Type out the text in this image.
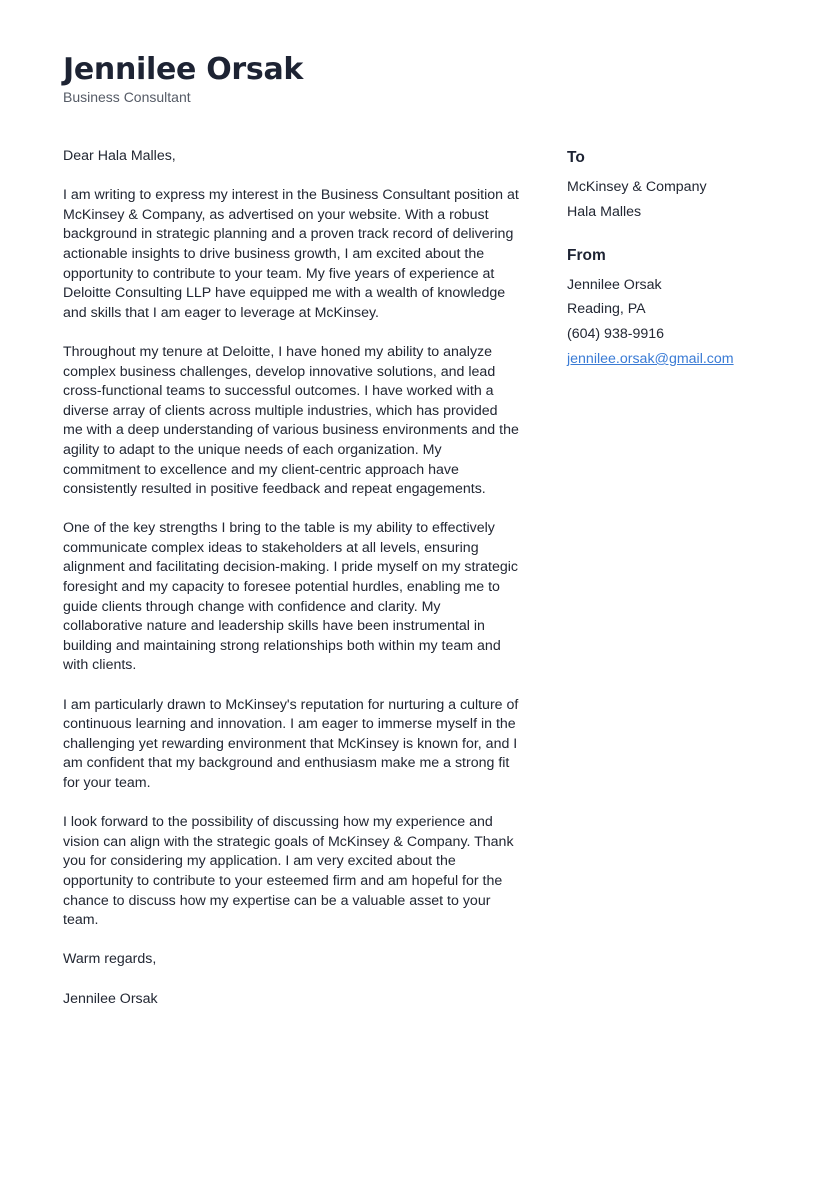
Jennilee Orsak
Business Consultant

Dear Hala Malles,

I am writing to express my interest in the Business Consultant position at McKinsey & Company, as advertised on your website. With a robust background in strategic planning and a proven track record of delivering actionable insights to drive business growth, I am excited about the opportunity to contribute to your team. My five years of experience at Deloitte Consulting LLP have equipped me with a wealth of knowledge and skills that I am eager to leverage at McKinsey.

Throughout my tenure at Deloitte, I have honed my ability to analyze complex business challenges, develop innovative solutions, and lead cross-functional teams to successful outcomes. I have worked with a diverse array of clients across multiple industries, which has provided me with a deep understanding of various business environments and the agility to adapt to the unique needs of each organization. My commitment to excellence and my client-centric approach have consistently resulted in positive feedback and repeat engagements.

One of the key strengths I bring to the table is my ability to effectively communicate complex ideas to stakeholders at all levels, ensuring alignment and facilitating decision-making. I pride myself on my strategic foresight and my capacity to foresee potential hurdles, enabling me to guide clients through change with confidence and clarity. My collaborative nature and leadership skills have been instrumental in building and maintaining strong relationships both within my team and with clients.

I am particularly drawn to McKinsey's reputation for nurturing a culture of continuous learning and innovation. I am eager to immerse myself in the challenging yet rewarding environment that McKinsey is known for, and I am confident that my background and enthusiasm make me a strong fit for your team.

I look forward to the possibility of discussing how my experience and vision can align with the strategic goals of McKinsey & Company. Thank you for considering my application. I am very excited about the opportunity to contribute to your esteemed firm and am hopeful for the chance to discuss how my expertise can be a valuable asset to your team.

Warm regards,

Jennilee Orsak

To
McKinsey & Company
Hala Malles
From
Jennilee Orsak
Reading, PA
(604) 938-9916
jennilee.orsak@gmail.com
